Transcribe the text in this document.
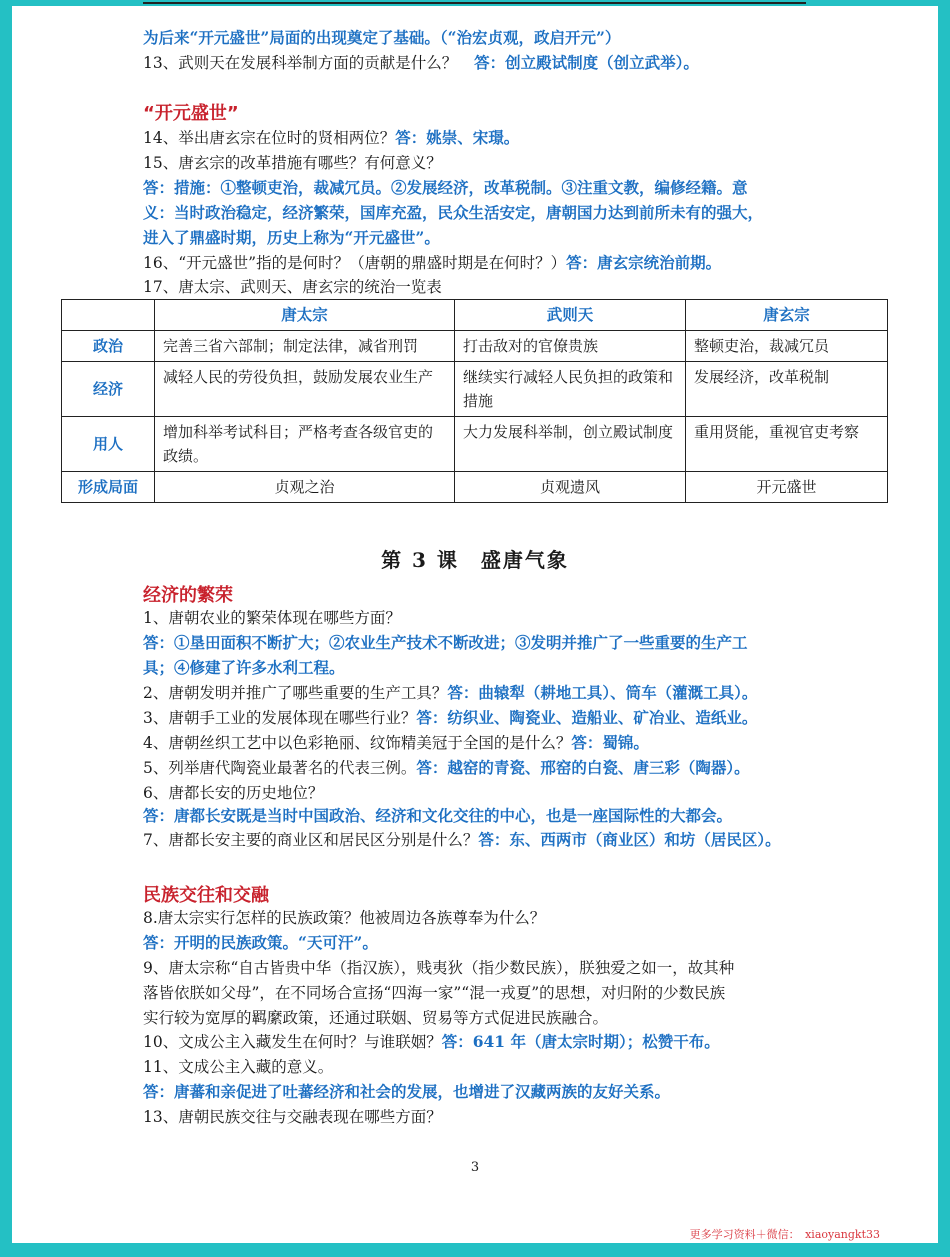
为后来“开元盛世”局面的出现奠定了基础。（“治宏贞观，政启开元”）
13、武则天在发展科举制方面的贡献是什么？ 答：创立殿试制度（创立武举）。
“开元盛世”
14、举出唐玄宗在位时的贤相两位？答：姚崇、宋璟。
15、唐玄宗的改革措施有哪些？有何意义？
答：措施：①整顿吏治，裁减冗员。②发展经济，改革税制。③注重文教，编修经籍。意
义：当时政治稳定，经济繁荣，国库充盈，民众生活安定，唐朝国力达到前所未有的强大，
进入了鼎盛时期，历史上称为“开元盛世”。
16、“开元盛世”指的是何时？（唐朝的鼎盛时期是在何时？）答：唐玄宗统治前期。
17、唐太宗、武则天、唐玄宗的统治一览表
	唐太宗	武则天	唐玄宗
政治	完善三省六部制；制定法律，减省刑罚	打击敌对的官僚贵族	整顿吏治，裁减冗员
经济	减轻人民的劳役负担，鼓励发展农业生产	继续实行减轻人民负担的政策和措施	发展经济，改革税制
用人	增加科举考试科目；严格考查各级官吏的政绩。	大力发展科举制，创立殿试制度	重用贤能，重视官吏考察
形成局面	贞观之治	贞观遗风	开元盛世
第 3 课　盛唐气象
经济的繁荣
1、唐朝农业的繁荣体现在哪些方面？
答：①垦田面积不断扩大；②农业生产技术不断改进；③发明并推广了一些重要的生产工
具；④修建了许多水利工程。
2、唐朝发明并推广了哪些重要的生产工具？答：曲辕犁（耕地工具）、筒车（灌溉工具）。
3、唐朝手工业的发展体现在哪些行业？答：纺织业、陶瓷业、造船业、矿冶业、造纸业。
4、唐朝丝织工艺中以色彩艳丽、纹饰精美冠于全国的是什么？答：蜀锦。
5、列举唐代陶瓷业最著名的代表三例。答：越窑的青瓷、邢窑的白瓷、唐三彩（陶器）。
6、唐都长安的历史地位？
答：唐都长安既是当时中国政治、经济和文化交往的中心，也是一座国际性的大都会。
7、唐都长安主要的商业区和居民区分别是什么？答：东、西两市（商业区）和坊（居民区）。
民族交往和交融
8.唐太宗实行怎样的民族政策？他被周边各族尊奉为什么？
答：开明的民族政策。“天可汗”。
9、唐太宗称“自古皆贵中华（指汉族），贱夷狄（指少数民族），朕独爱之如一，故其种
落皆依朕如父母”，在不同场合宣扬“四海一家”“混一戎夏”的思想，对归附的少数民族
实行较为宽厚的羁縻政策，还通过联姻、贸易等方式促进民族融合。
10、文成公主入藏发生在何时？与谁联姻？答：641 年（唐太宗时期）；松赞干布。
11、文成公主入藏的意义。
答：唐蕃和亲促进了吐蕃经济和社会的发展，也增进了汉藏两族的友好关系。
13、唐朝民族交往与交融表现在哪些方面？
3
更多学习资料＋微信：　xiaoyangkt33
